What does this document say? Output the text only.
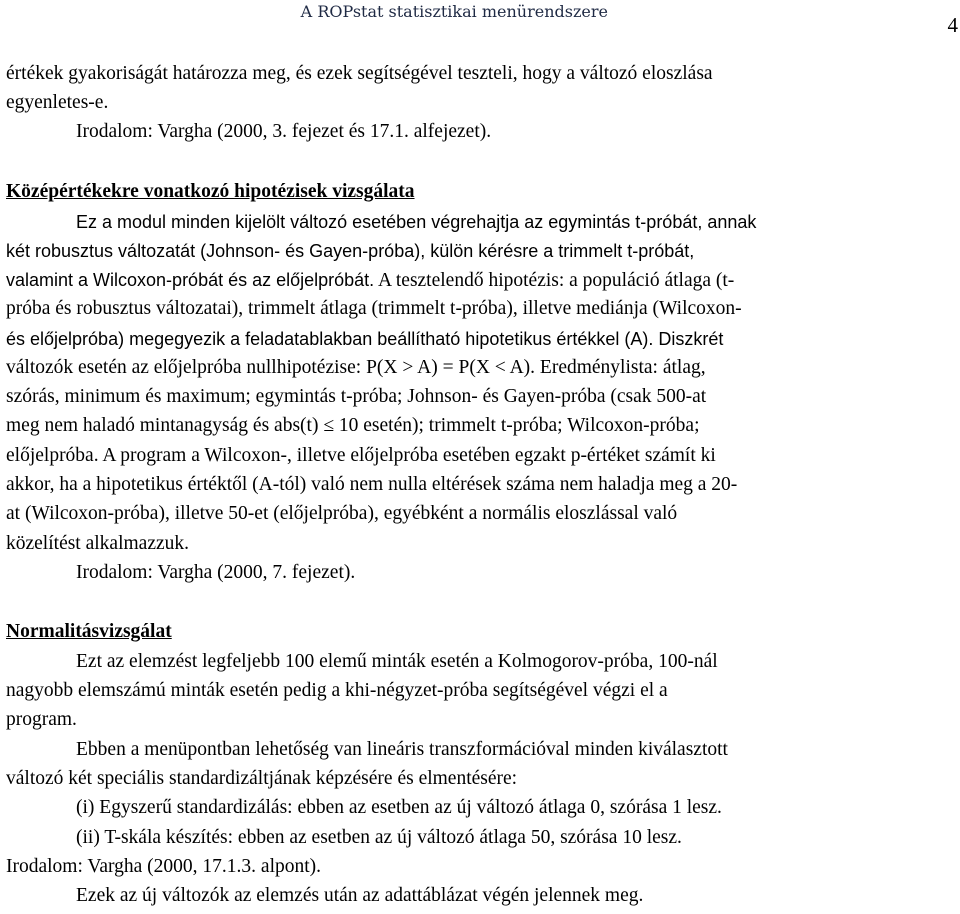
A ROPstat statisztikai menürendszere
4
értékek gyakoriságát határozza meg, és ezek segítségével teszteli, hogy a változó eloszlása
egyenletes-e.
Irodalom: Vargha (2000, 3. fejezet és 17.1. alfejezet).
Középértékekre vonatkozó hipotézisek vizsgálata
Ez a modul minden kijelölt változó esetében végrehajtja az egymintás t-próbát, annak
két robusztus változatát (Johnson- és Gayen-próba), külön kérésre a trimmelt t-próbát,
valamint a Wilcoxon-próbát és az előjelpróbát. A tesztelendő hipotézis: a populáció átlaga (t-
próba és robusztus változatai), trimmelt átlaga (trimmelt t-próba), illetve mediánja (Wilcoxon-
és előjelpróba) megegyezik a feladatablakban beállítható hipotetikus értékkel (A). Diszkrét
változók esetén az előjelpróba nullhipotézise: P(X > A) = P(X < A). Eredménylista: átlag,
szórás, minimum és maximum; egymintás t-próba; Johnson- és Gayen-próba (csak 500-at
meg nem haladó mintanagyság és abs(t) ≤ 10 esetén); trimmelt t-próba; Wilcoxon-próba;
előjelpróba. A program a Wilcoxon-, illetve előjelpróba esetében egzakt p-értéket számít ki
akkor, ha a hipotetikus értéktől (A-tól) való nem nulla eltérések száma nem haladja meg a 20-
at (Wilcoxon-próba), illetve 50-et (előjelpróba), egyébként a normális eloszlással való
közelítést alkalmazzuk.
Irodalom: Vargha (2000, 7. fejezet).
Normalitásvizsgálat
Ezt az elemzést legfeljebb 100 elemű minták esetén a Kolmogorov-próba, 100-nál
nagyobb elemszámú minták esetén pedig a khi-négyzet-próba segítségével végzi el a
program.
Ebben a menüpontban lehetőség van lineáris transzformációval minden kiválasztott
változó két speciális standardizáltjának képzésére és elmentésére:
(i) Egyszerű standardizálás: ebben az esetben az új változó átlaga 0, szórása 1 lesz.
(ii) T-skála készítés: ebben az esetben az új változó átlaga 50, szórása 10 lesz.
Irodalom: Vargha (2000, 17.1.3. alpont).
Ezek az új változók az elemzés után az adattáblázat végén jelennek meg.
